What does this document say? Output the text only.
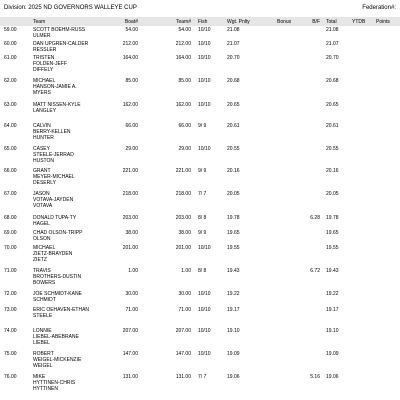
Division: 2025 ND GOVERNORS WALLEYE CUP	Federation#:
Team	Boat#	Team# Fish	Wgt. Pnlty	Bonus	B/F Total	YTDB Points
59.00	SCOTT BOEHM-RUSS
ULMER
54.00	54.00 10/10	21.08	21.08
60.00	DAN UPGREN-CALDER
RESSLER
212.00	212.00 10/10	21.07	21.07
61.00	TRISTEN
FOLDEN-JEFF
DIFFELY
164.00	164.00 10/10	20.70	20.70
62.00	MICHAEL
HANSON-JAMIE A.
MYERS
85.00	85.00 10/10	20.68	20.68
63.00	MATT NISSEN-KYLE
LANGLEY
162.00	162.00 10/10	20.65	20.65
64.00	CALVIN
BERRY-KELLEN
HUNTER
66.00	66.00 9/ 9	20.61	20.61
65.00	CASEY
STEELE-JERRAD
HUSTON
29.00	29.00 10/10	20.55	20.55
66.00	GRANT
MEYER-MICHAEL
DESERLY
221.00	221.00 9/ 9	20.16	20.16
67.00	JASON
VOTAVA-JAYDEN
VOTAVA
218.00	218.00 7/ 7	20.05	20.05
68.00	DONALD TUPA-TY
HAGEL
203.00	203.00 8/ 8	19.78	6.28 19.78
69.00	CHAD OLSON-TRIPP
OLSON
38.00	38.00 9/ 9	19.65	19.65
70.00	MICHAEL
ZIETZ-BRAYDEN
ZIETZ
201.00	201.00 10/10	19.55	19.55
71.00	TRAVIS
BROTHERS-DUSTIN
BOWERS
1.00	1.00 8/ 8	19.43	6.72 19.43
72.00	JOE SCHMIDT-KANE
SCHMIDT
30.00	30.00 10/10	19.22	19.22
73.00	ERIC OEHAVEN-ETHAN
STEELE
71.00	71.00 10/10	19.17	19.17
74.00	LONNIE
LIEBEL-ABEBRANE
LIEBEL
207.00	207.00 10/10	19.10	19.10
75.00	ROBERT
WEIGEL-MICKENZIE
WEIGEL
147.00	147.00 10/10	19.09	19.09
76.00	MIKE
HYTTINEN-CHRIS
HYTTINEN
131.00	131.00 7/ 7	19.06	5.16 19.06
